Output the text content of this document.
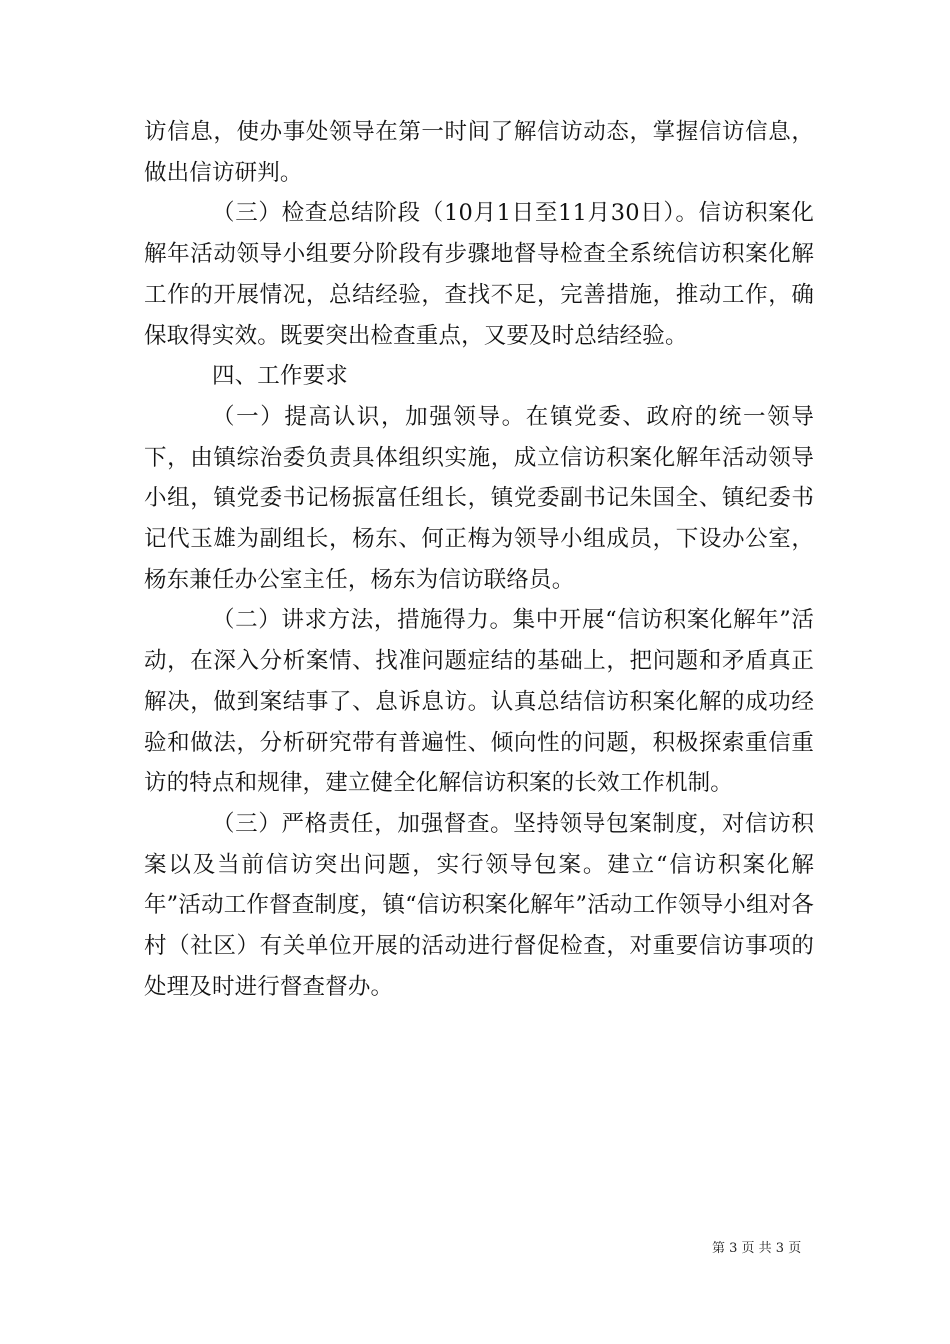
访信息，使办事处领导在第一时间了解信访动态，掌握信访信息，做出信访研判。

（三）检查总结阶段（10月1日至11月30日）。信访积案化解年活动领导小组要分阶段有步骤地督导检查全系统信访积案化解工作的开展情况，总结经验，查找不足，完善措施，推动工作，确保取得实效。既要突出检查重点，又要及时总结经验。

四、工作要求

（一）提高认识，加强领导。在镇党委、政府的统一领导下，由镇综治委负责具体组织实施，成立信访积案化解年活动领导小组，镇党委书记杨振富任组长，镇党委副书记朱国全、镇纪委书记代玉雄为副组长，杨东、何正梅为领导小组成员，下设办公室，杨东兼任办公室主任，杨东为信访联络员。

（二）讲求方法，措施得力。集中开展“信访积案化解年”活动，在深入分析案情、找准问题症结的基础上，把问题和矛盾真正解决，做到案结事了、息诉息访。认真总结信访积案化解的成功经验和做法，分析研究带有普遍性、倾向性的问题，积极探索重信重访的特点和规律，建立健全化解信访积案的长效工作机制。

（三）严格责任，加强督查。坚持领导包案制度，对信访积案以及当前信访突出问题，实行领导包案。建立“信访积案化解年”活动工作督查制度，镇“信访积案化解年”活动工作领导小组对各村（社区）有关单位开展的活动进行督促检查，对重要信访事项的处理及时进行督查督办。

第 3 页 共 3 页
